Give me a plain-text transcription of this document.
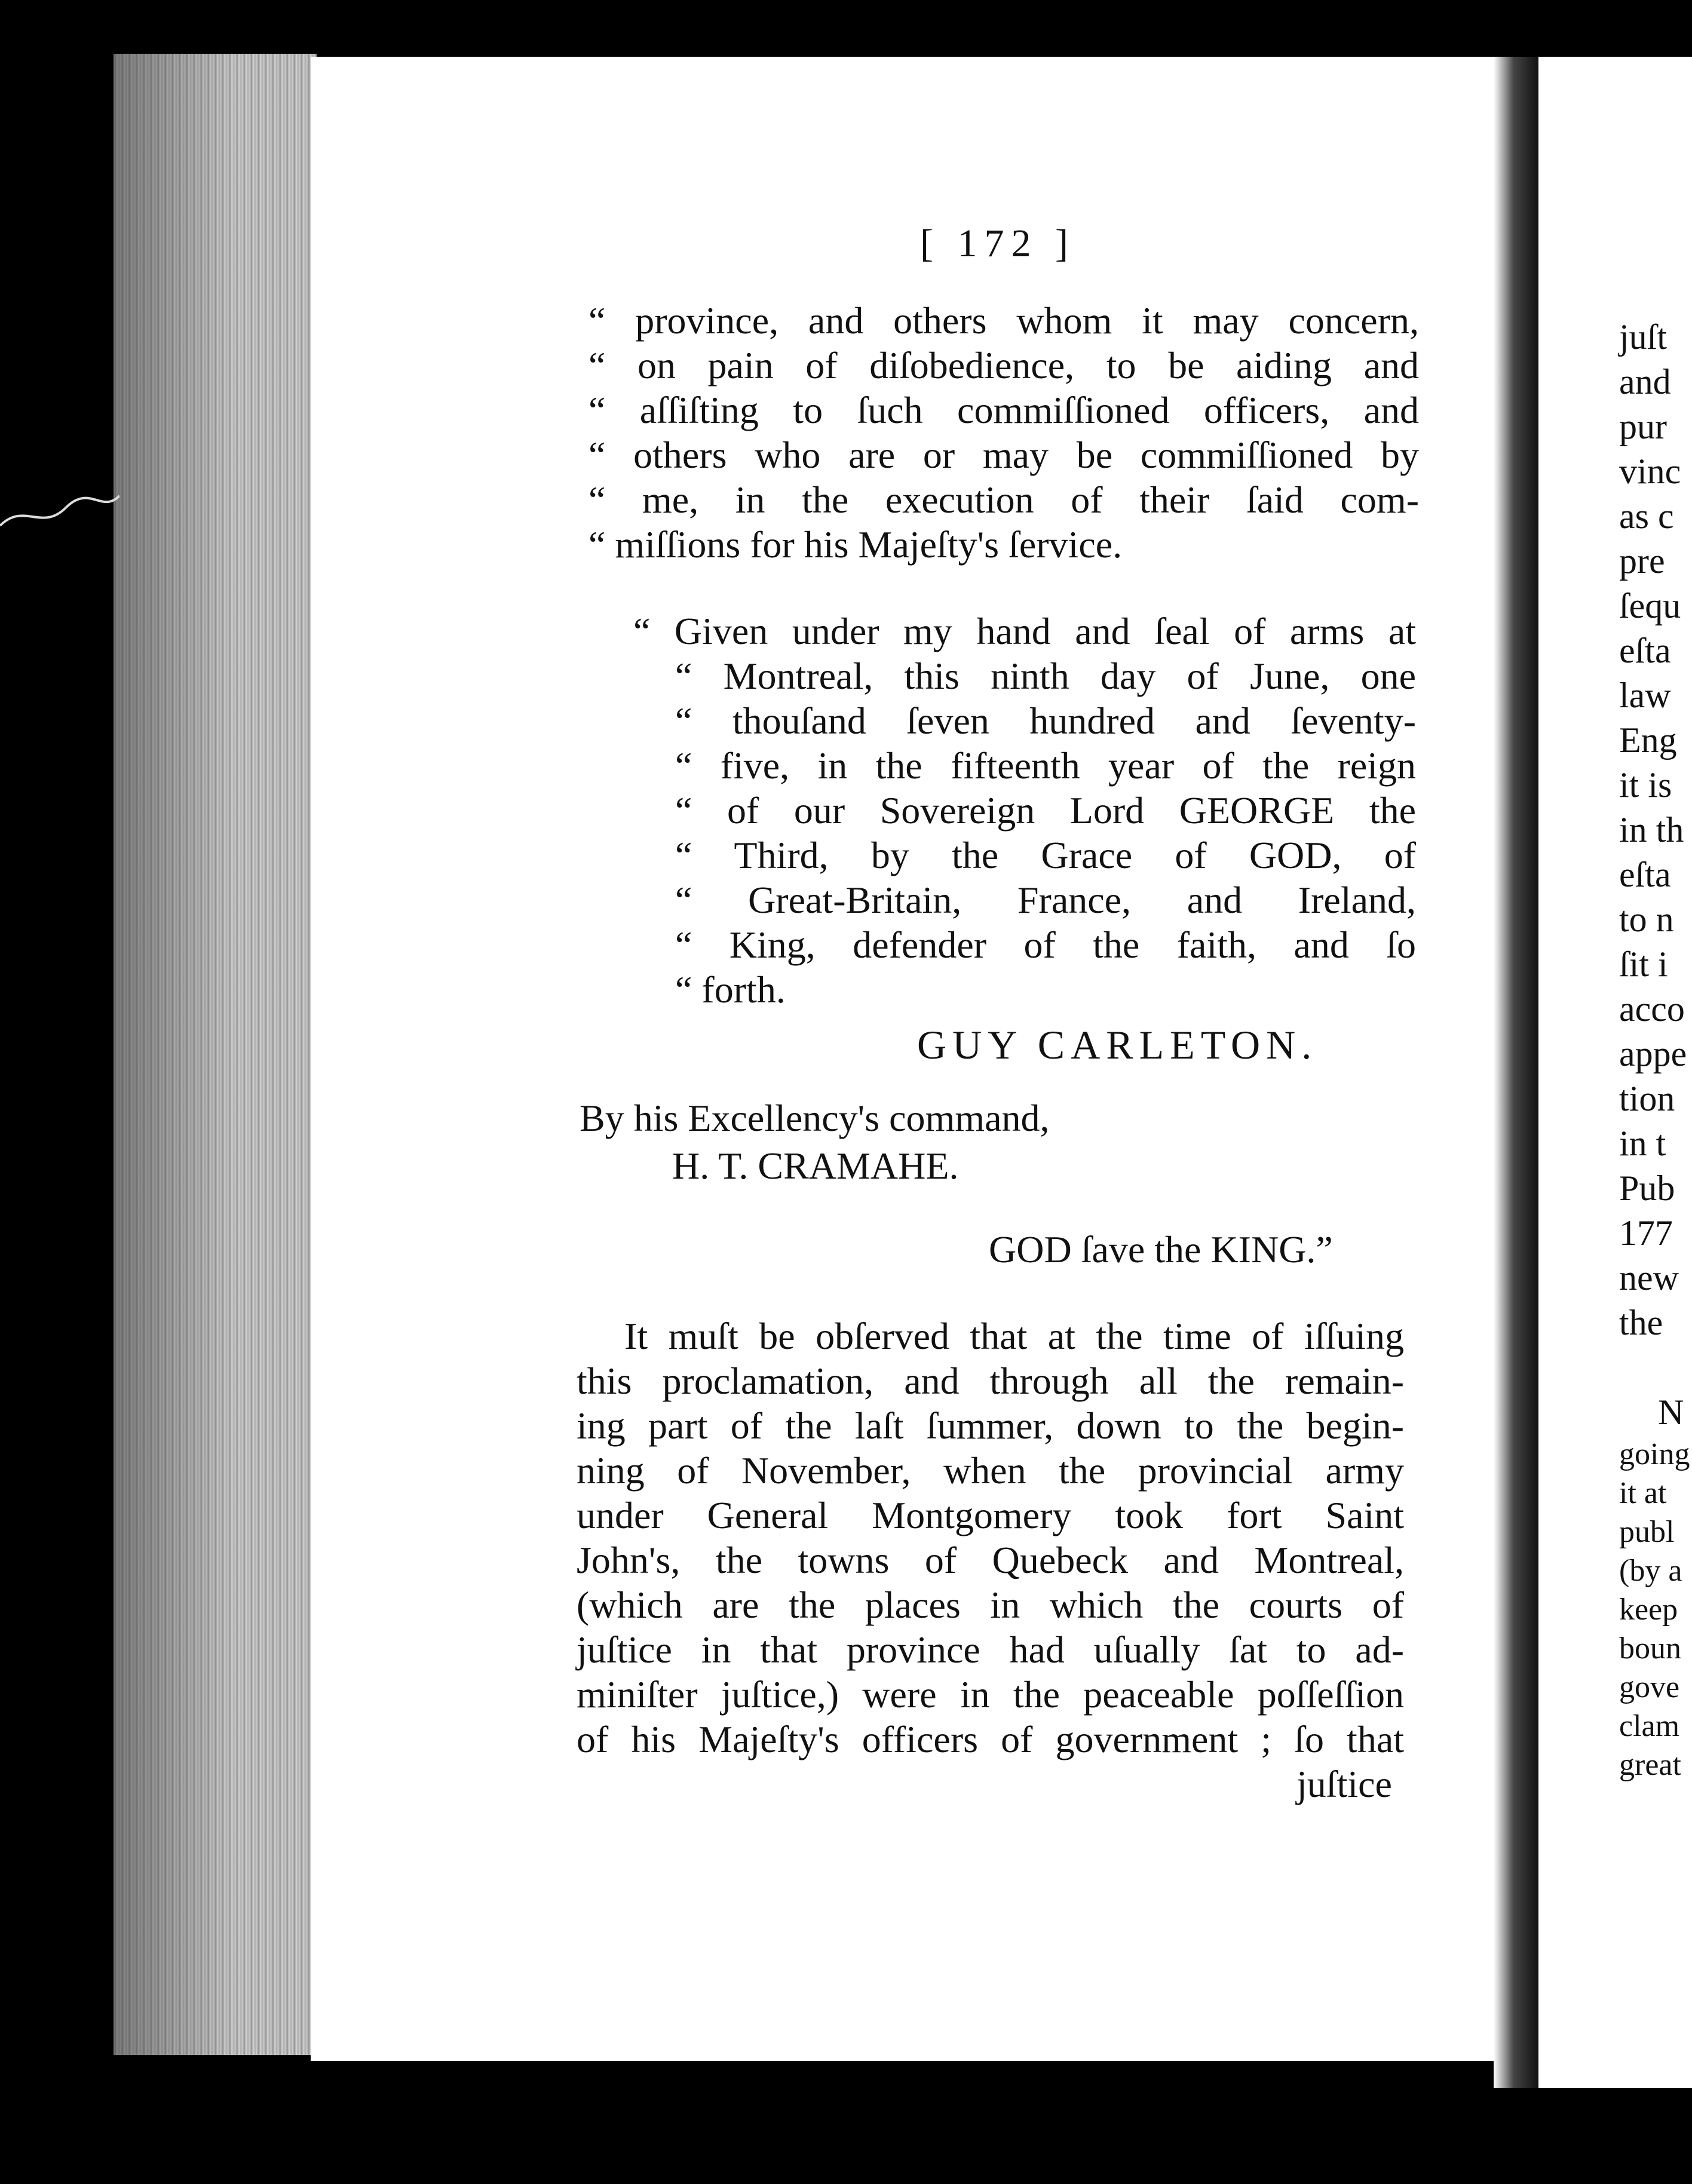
[ 172 ]
“ province, and others whom it may concern,
“ on pain of diſobedience, to be aiding and
“ aſſiſting to ſuch commiſſioned officers, and
“ others who are or may be commiſſioned by
“ me, in the execution of their ſaid com-
“ miſſions for his Majeſty's ſervice.
“ Given under my hand and ſeal of arms at
“ Montreal, this ninth day of June, one
“ thouſand ſeven hundred and ſeventy-
“ five, in the fifteenth year of the reign
“ of our Sovereign Lord GEORGE the
“ Third, by the Grace of GOD, of
“ Great-Britain, France, and Ireland,
“ King, defender of the faith, and ſo
“ forth.
GUY CARLETON.
By his Excellency's command,
H. T. CRAMAHE.
GOD ſave the KING.”
It muſt be obſerved that at the time of iſſuing
this proclamation, and through all the remain-
ing part of the laſt ſummer, down to the begin-
ning of November, when the provincial army
under General Montgomery took fort Saint
John's, the towns of Quebeck and Montreal,
(which are the places in which the courts of
juſtice in that province had uſually ſat to ad-
miniſter juſtice,) were in the peaceable poſſeſſion
of his Majeſty's officers of government ; ſo that
juſtice
juſt
and
pur
vinc
as c
pre
ſequ
eſta
law
Eng
it is
in th
eſta
to n
ſit i
acco
appe
tion
in t
Pub
177
new
the
N
going
it at
publ
(by a
keep
boun
gove
clam
great
